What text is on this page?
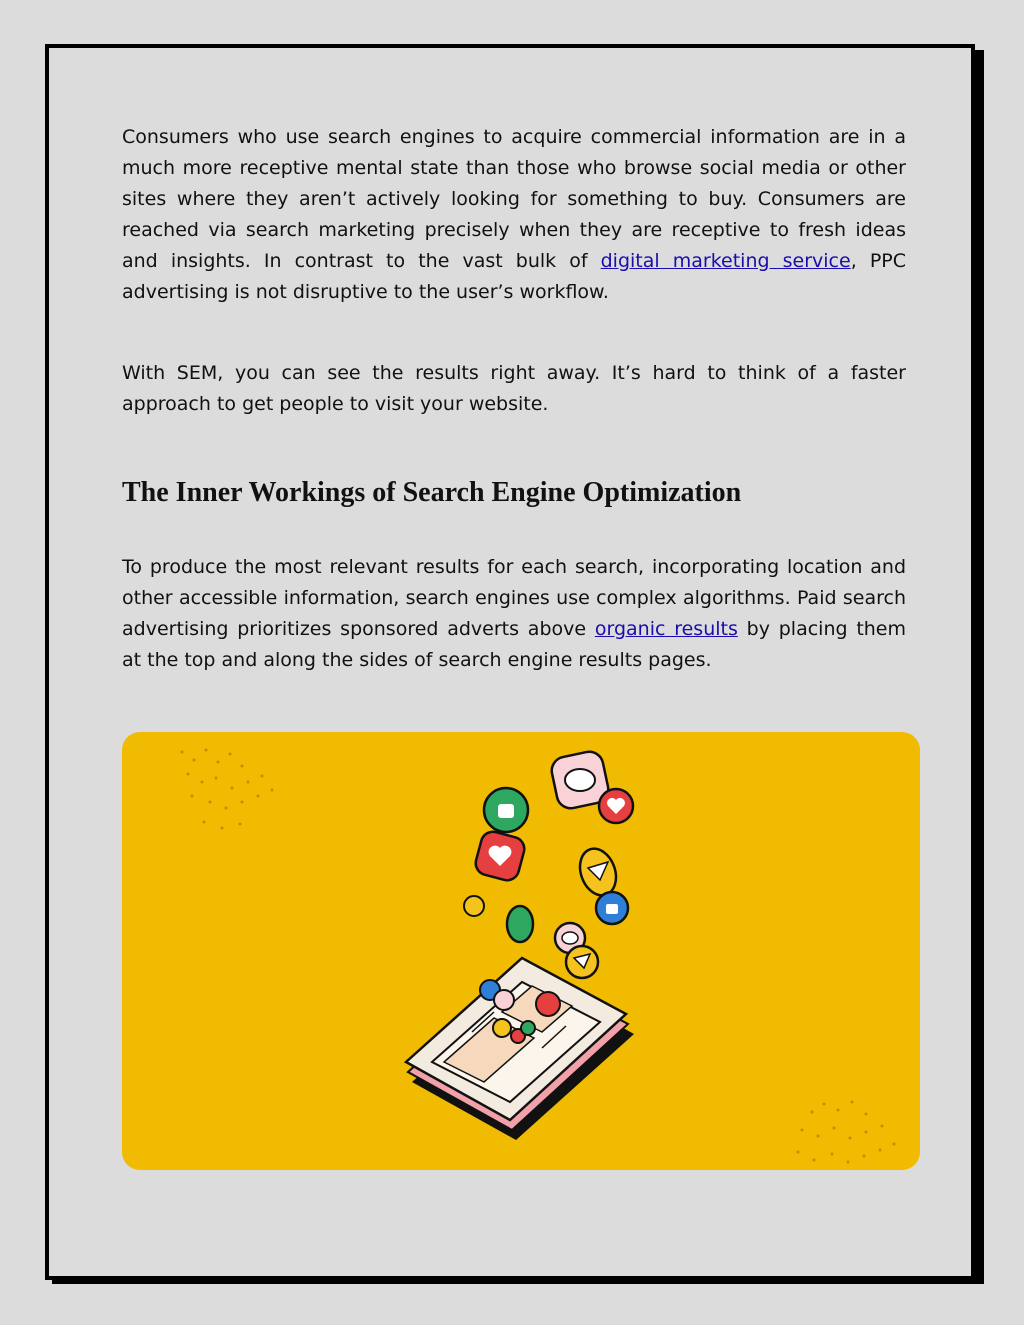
Consumers who use search engines to acquire commercial information are in a much more receptive mental state than those who browse social media or other sites where they aren’t actively looking for something to buy. Consumers are reached via search marketing precisely when they are receptive to fresh ideas and insights. In contrast to the vast bulk of digital marketing service, PPC advertising is not disruptive to the user’s workflow.

With SEM, you can see the results right away. It’s hard to think of a faster approach to get people to visit your website.

The Inner Workings of Search Engine Optimization

To produce the most relevant results for each search, incorporating location and other accessible information, search engines use complex algorithms. Paid search advertising prioritizes sponsored adverts above organic results by placing them at the top and along the sides of search engine results pages.
